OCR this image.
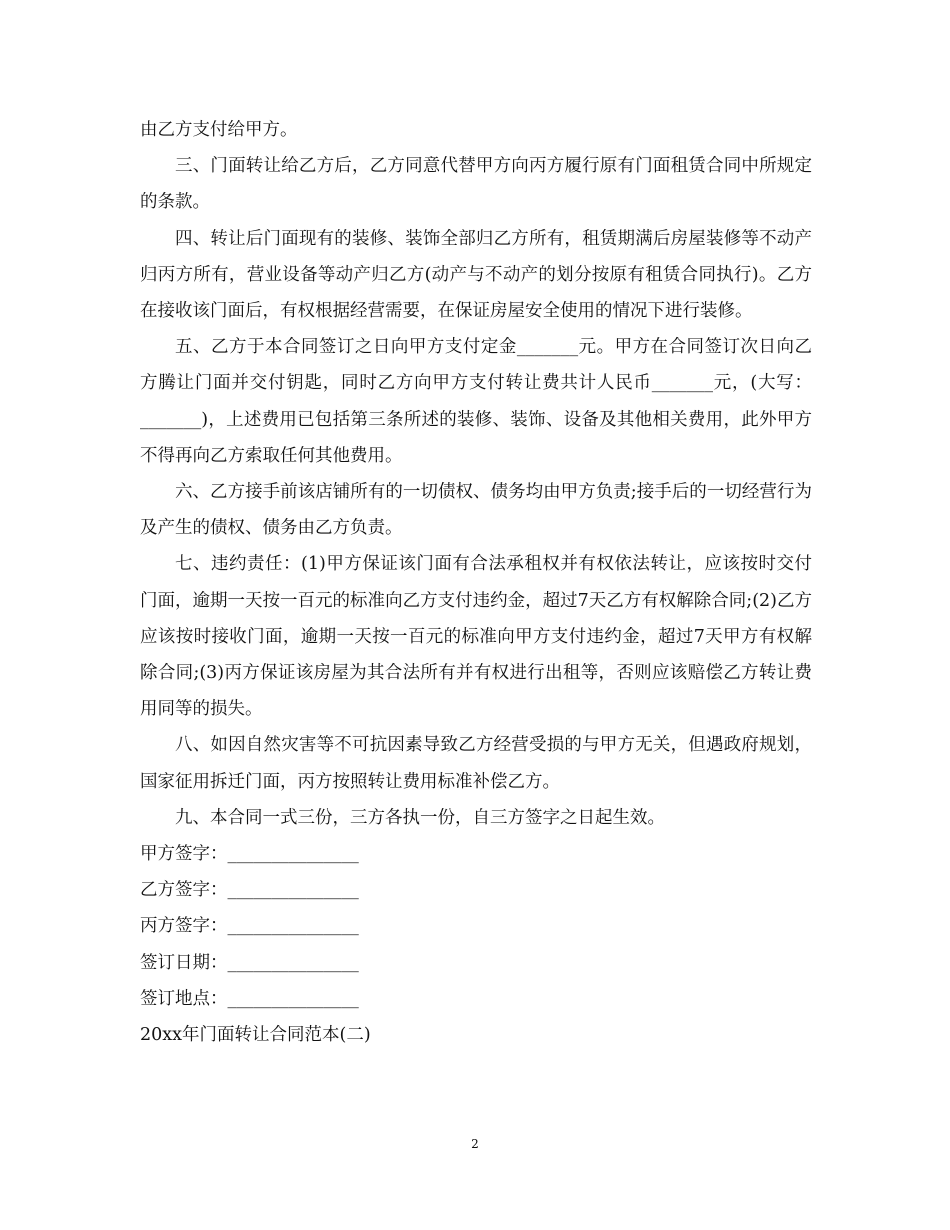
由乙方支付给甲方。

三、门面转让给乙方后，乙方同意代替甲方向丙方履行原有门面租赁合同中所规定的条款。

四、转让后门面现有的装修、装饰全部归乙方所有，租赁期满后房屋装修等不动产归丙方所有，营业设备等动产归乙方(动产与不动产的划分按原有租赁合同执行)。乙方在接收该门面后，有权根据经营需要，在保证房屋安全使用的情况下进行装修。

五、乙方于本合同签订之日向甲方支付定金_______元。甲方在合同签订次日向乙方腾让门面并交付钥匙，同时乙方向甲方支付转让费共计人民币_______元，(大写：_______)，上述费用已包括第三条所述的装修、装饰、设备及其他相关费用，此外甲方不得再向乙方索取任何其他费用。

六、乙方接手前该店铺所有的一切债权、债务均由甲方负责;接手后的一切经营行为及产生的债权、债务由乙方负责。

七、违约责任：(1)甲方保证该门面有合法承租权并有权依法转让，应该按时交付门面，逾期一天按一百元的标准向乙方支付违约金，超过7天乙方有权解除合同;(2)乙方应该按时接收门面，逾期一天按一百元的标准向甲方支付违约金，超过7天甲方有权解除合同;(3)丙方保证该房屋为其合法所有并有权进行出租等，否则应该赔偿乙方转让费用同等的损失。

八、如因自然灾害等不可抗因素导致乙方经营受损的与甲方无关，但遇政府规划，国家征用拆迁门面，丙方按照转让费用标准补偿乙方。

九、本合同一式三份，三方各执一份，自三方签字之日起生效。

甲方签字：_______________

乙方签字：_______________

丙方签字：_______________

签订日期：_______________

签订地点：_______________

20xx年门面转让合同范本(二)

2
